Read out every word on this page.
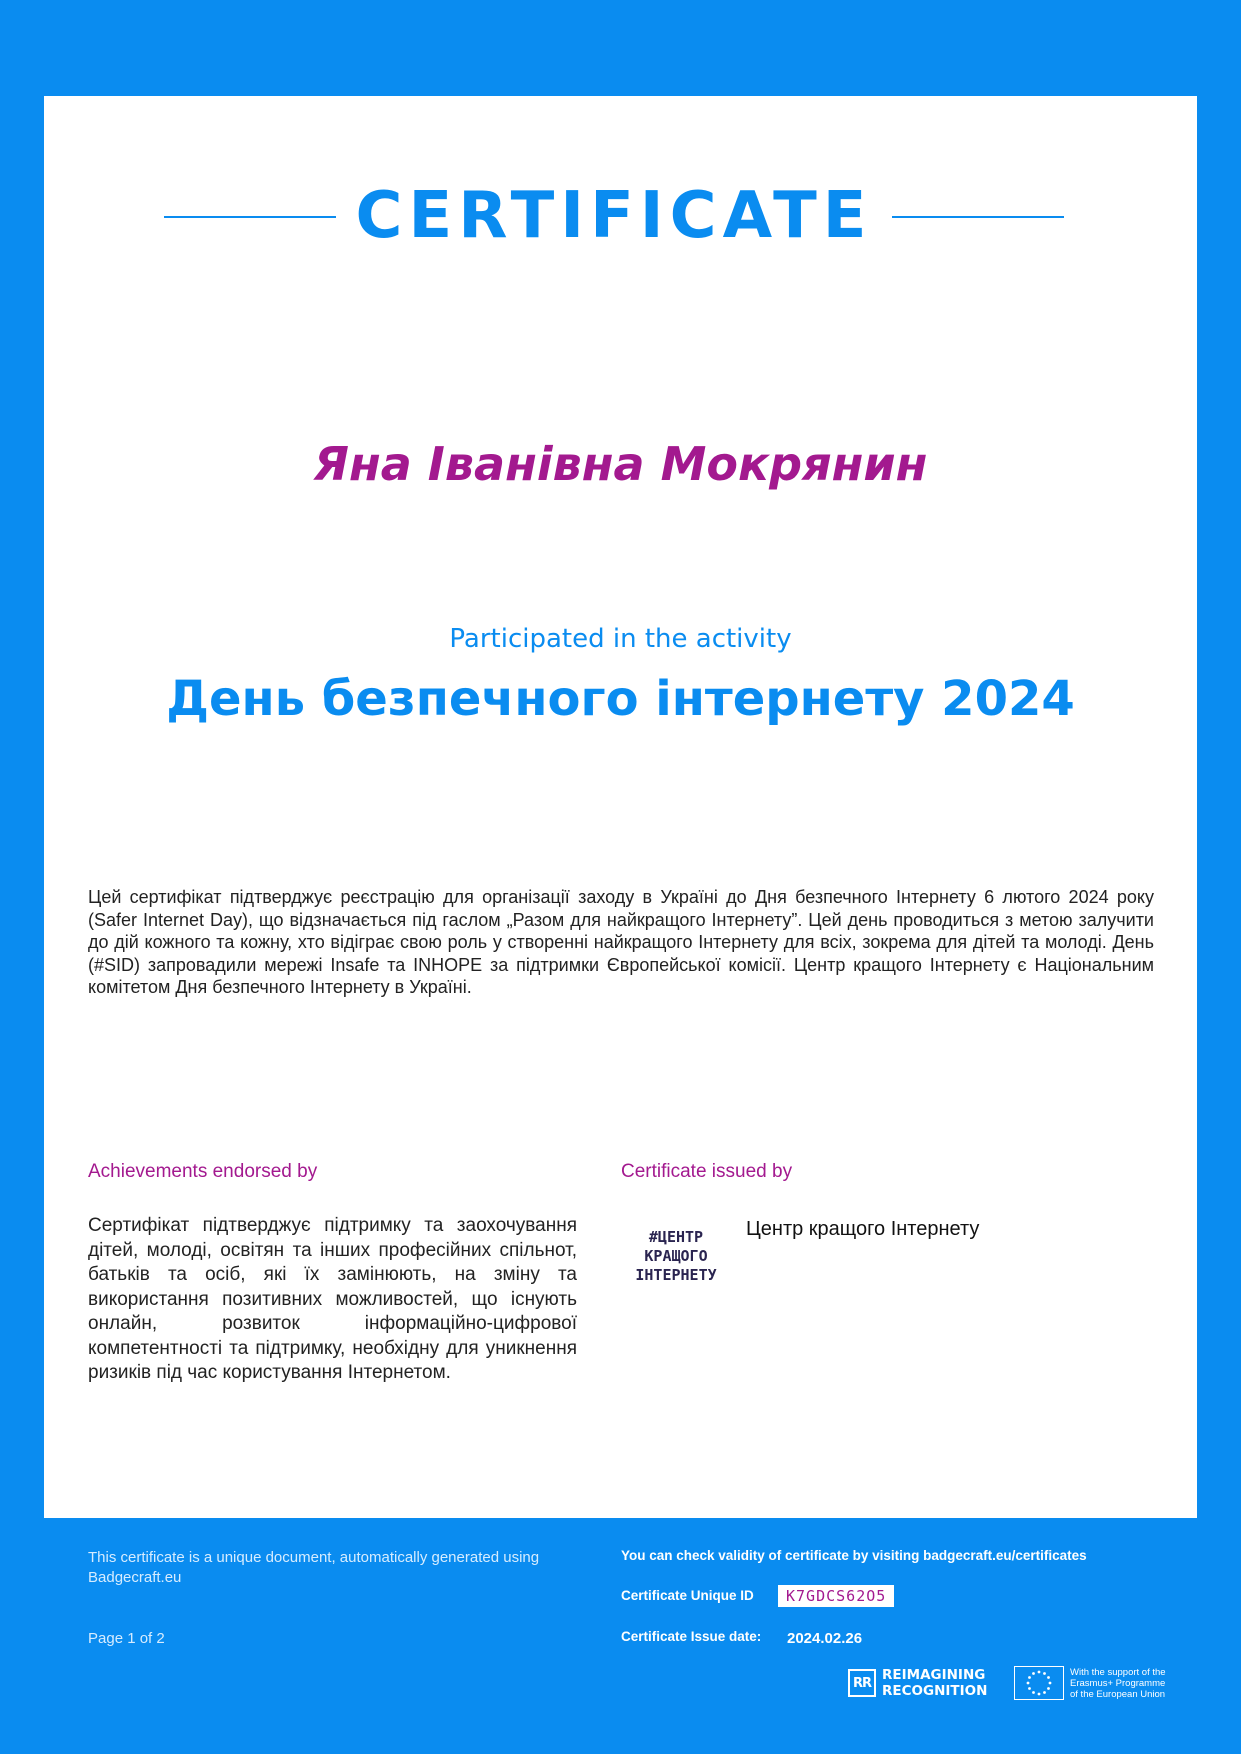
CERTIFICATE
Яна Іванівна Мокрянин
Participated in the activity
День безпечного інтернету 2024

Цей сертифікат підтверджує реєстрацію для організації заходу в Україні до Дня безпечного Інтернету 6 лютого 2024 року (Safer Internet Day), що відзначається під гаслом „Разом для найкращого Інтернету”. Цей день проводиться з метою залучити до дій кожного та кожну, хто відіграє свою роль у створенні найкращого Інтернету для всіх, зокрема для дітей та молоді. День (#SID) запровадили мережі Insafe та INHOPE за підтримки Європейської комісії. Центр кращого Інтернету є Національним комітетом Дня безпечного Інтернету в Україні.

Achievements endorsed by

Сертифікат підтверджує підтримку та заохочування дітей, молоді, освітян та інших професійних спільнот, батьків та осіб, які їх замінюють, на зміну та використання позитивних можливостей, що існують онлайн, розвиток інформаційно-цифрової компетентності та підтримку, необхідну для уникнення ризиків під час користування Інтернетом.

Certificate issued by
#ЦЕНТР
КРАЩОГО
ІНТЕРНЕТУ
Центр кращого Інтернету
This certificate is a unique document, automatically generated using Badgecraft.eu
Page 1 of 2
You can check validity of certificate by visiting badgecraft.eu/certificates
Certificate Unique ID	K7GDCS62O5
Certificate Issue date: 2024.02.26
RR REIMAGINING
RECOGNITION
With the support of the
Erasmus+ Programme
of the European Union
